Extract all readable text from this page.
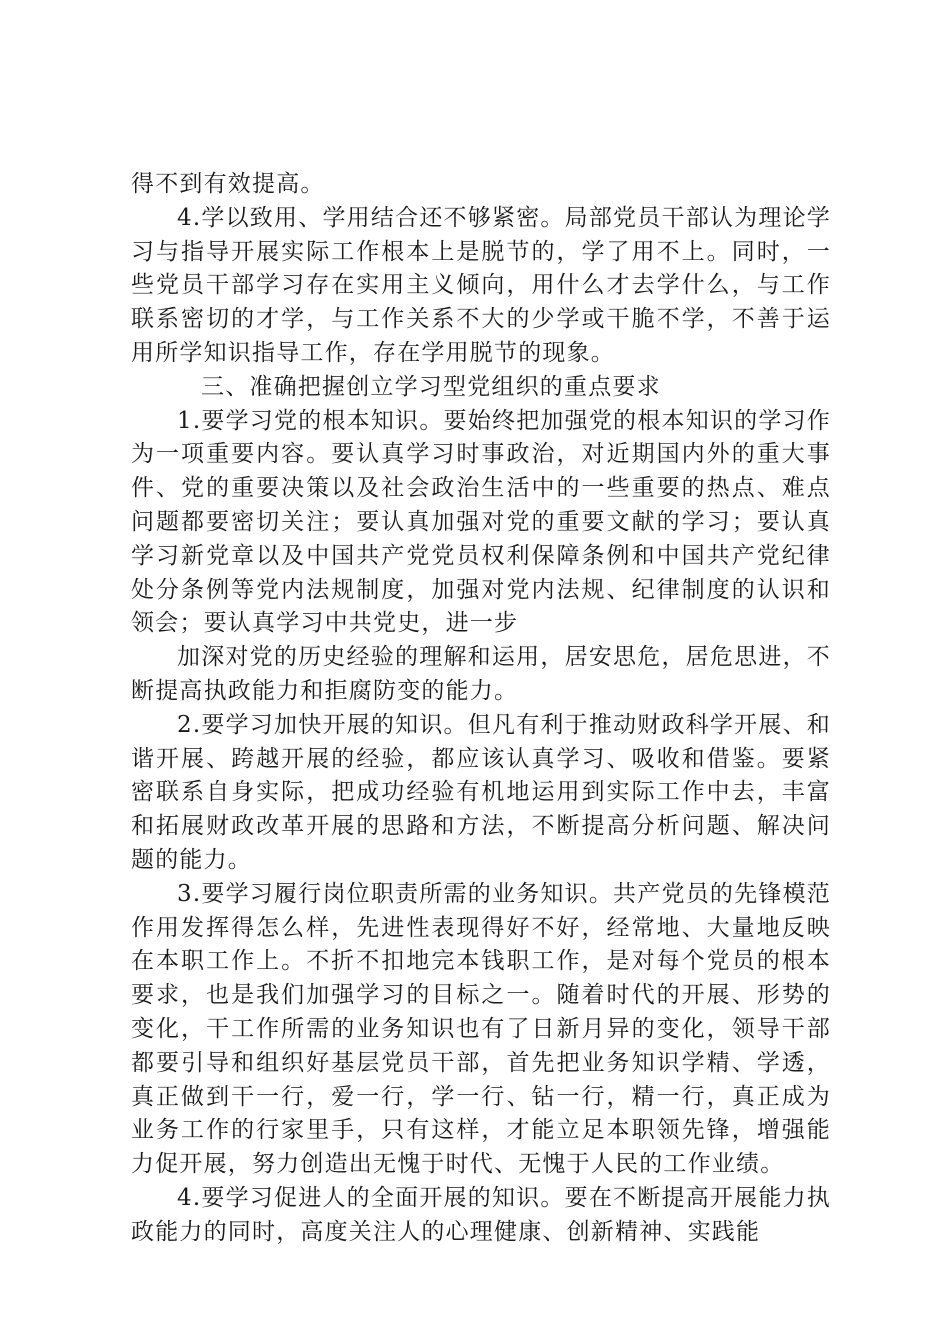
得不到有效提高。

4.学以致用、学用结合还不够紧密。局部党员干部认为理论学习与指导开展实际工作根本上是脱节的，学了用不上。同时，一些党员干部学习存在实用主义倾向，用什么才去学什么，与工作联系密切的才学，与工作关系不大的少学或干脆不学，不善于运用所学知识指导工作，存在学用脱节的现象。

三、准确把握创立学习型党组织的重点要求

1.要学习党的根本知识。要始终把加强党的根本知识的学习作为一项重要内容。要认真学习时事政治，对近期国内外的重大事件、党的重要决策以及社会政治生活中的一些重要的热点、难点问题都要密切关注；要认真加强对党的重要文献的学习；要认真学习新党章以及中国共产党党员权利保障条例和中国共产党纪律处分条例等党内法规制度，加强对党内法规、纪律制度的认识和领会；要认真学习中共党史，进一步

加深对党的历史经验的理解和运用，居安思危，居危思进，不断提高执政能力和拒腐防变的能力。

2.要学习加快开展的知识。但凡有利于推动财政科学开展、和谐开展、跨越开展的经验，都应该认真学习、吸收和借鉴。要紧密联系自身实际，把成功经验有机地运用到实际工作中去，丰富和拓展财政改革开展的思路和方法，不断提高分析问题、解决问题的能力。

3.要学习履行岗位职责所需的业务知识。共产党员的先锋模范作用发挥得怎么样，先进性表现得好不好，经常地、大量地反映在本职工作上。不折不扣地完本钱职工作，是对每个党员的根本要求，也是我们加强学习的目标之一。随着时代的开展、形势的变化，干工作所需的业务知识也有了日新月异的变化，领导干部都要引导和组织好基层党员干部，首先把业务知识学精、学透，真正做到干一行，爱一行，学一行、钻一行，精一行，真正成为业务工作的行家里手，只有这样，才能立足本职领先锋，增强能力促开展，努力创造出无愧于时代、无愧于人民的工作业绩。

4.要学习促进人的全面开展的知识。要在不断提高开展能力执政能力的同时，高度关注人的心理健康、创新精神、实践能
